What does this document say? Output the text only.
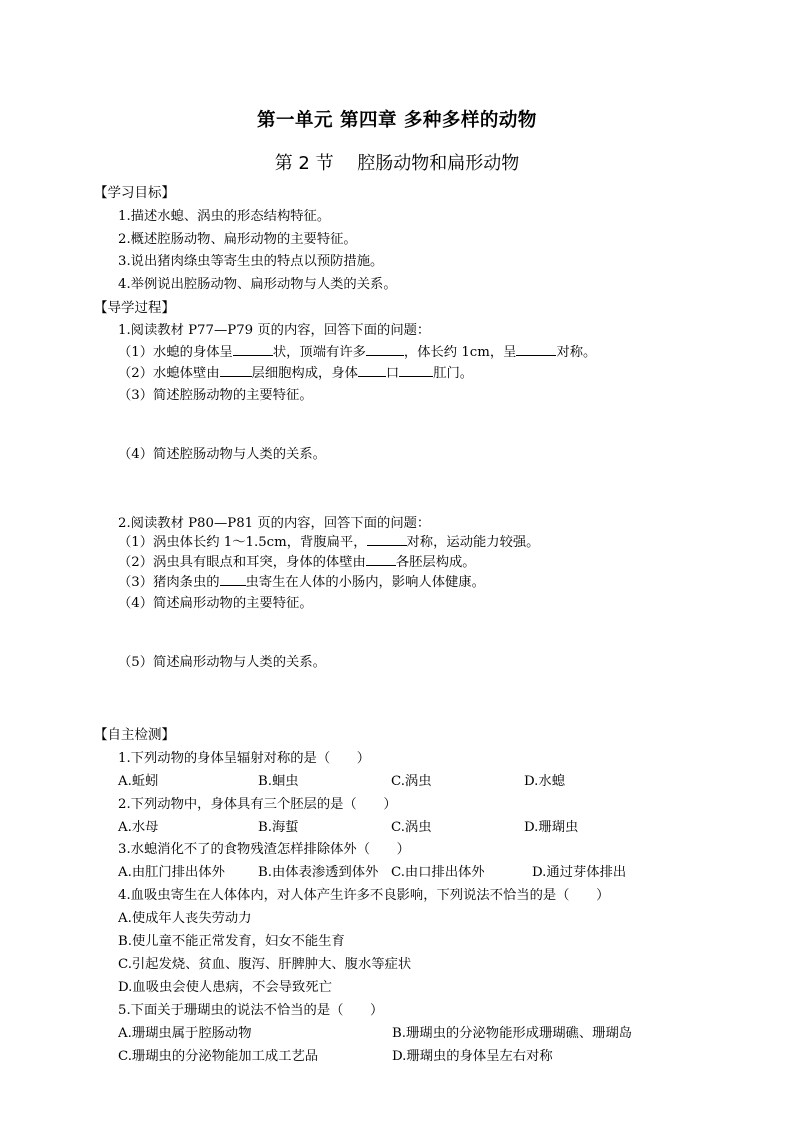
第一单元 第四章 多种多样的动物
第 2 节　 腔肠动物和扁形动物
【学习目标】
1.描述水螅、涡虫的形态结构特征。
2.概述腔肠动物、扁形动物的主要特征。
3.说出猪肉绦虫等寄生虫的特点以预防措施。
4.举例说出腔肠动物、扁形动物与人类的关系。
【导学过程】
1.阅读教材 P77—P79 页的内容，回答下面的问题：
（1）水螅的身体呈	状，顶端有许多	，体长约 1cm，呈	对称。
（2）水螅体壁由 层细胞构成，身体 口	肛门。
（3）简述腔肠动物的主要特征。
（4）简述腔肠动物与人类的关系。
2.阅读教材 P80—P81 页的内容，回答下面的问题：
（1）涡虫体长约 1～1.5cm，背腹扁平，	对称，运动能力较强。
（2）涡虫具有眼点和耳突，身体的体壁由 各胚层构成。
（3）猪肉条虫的 虫寄生在人体的小肠内，影响人体健康。
（4）简述扁形动物的主要特征。
（5）简述扁形动物与人类的关系。
【自主检测】
1.下列动物的身体呈辐射对称的是（　　）
A.蚯蚓	B.蛔虫	C.涡虫	D.水螅
2.下列动物中，身体具有三个胚层的是（　　）
A.水母	B.海蜇	C.涡虫	D.珊瑚虫
3.水螅消化不了的食物残渣怎样排除体外（　　）
A.由肛门排出体外 B.由体表渗透到体外 C.由口排出体外	D.通过芽体排出
4.血吸虫寄生在人体体内，对人体产生许多不良影响，下列说法不恰当的是（　　）
A.使成年人丧失劳动力
B.使儿童不能正常发育，妇女不能生育
C.引起发烧、贫血、腹泻、肝脾肿大、腹水等症状
D.血吸虫会使人患病，不会导致死亡
5.下面关于珊瑚虫的说法不恰当的是（　　）
A.珊瑚虫属于腔肠动物	B.珊瑚虫的分泌物能形成珊瑚礁、珊瑚岛
C.珊瑚虫的分泌物能加工成工艺品	D.珊瑚虫的身体呈左右对称
